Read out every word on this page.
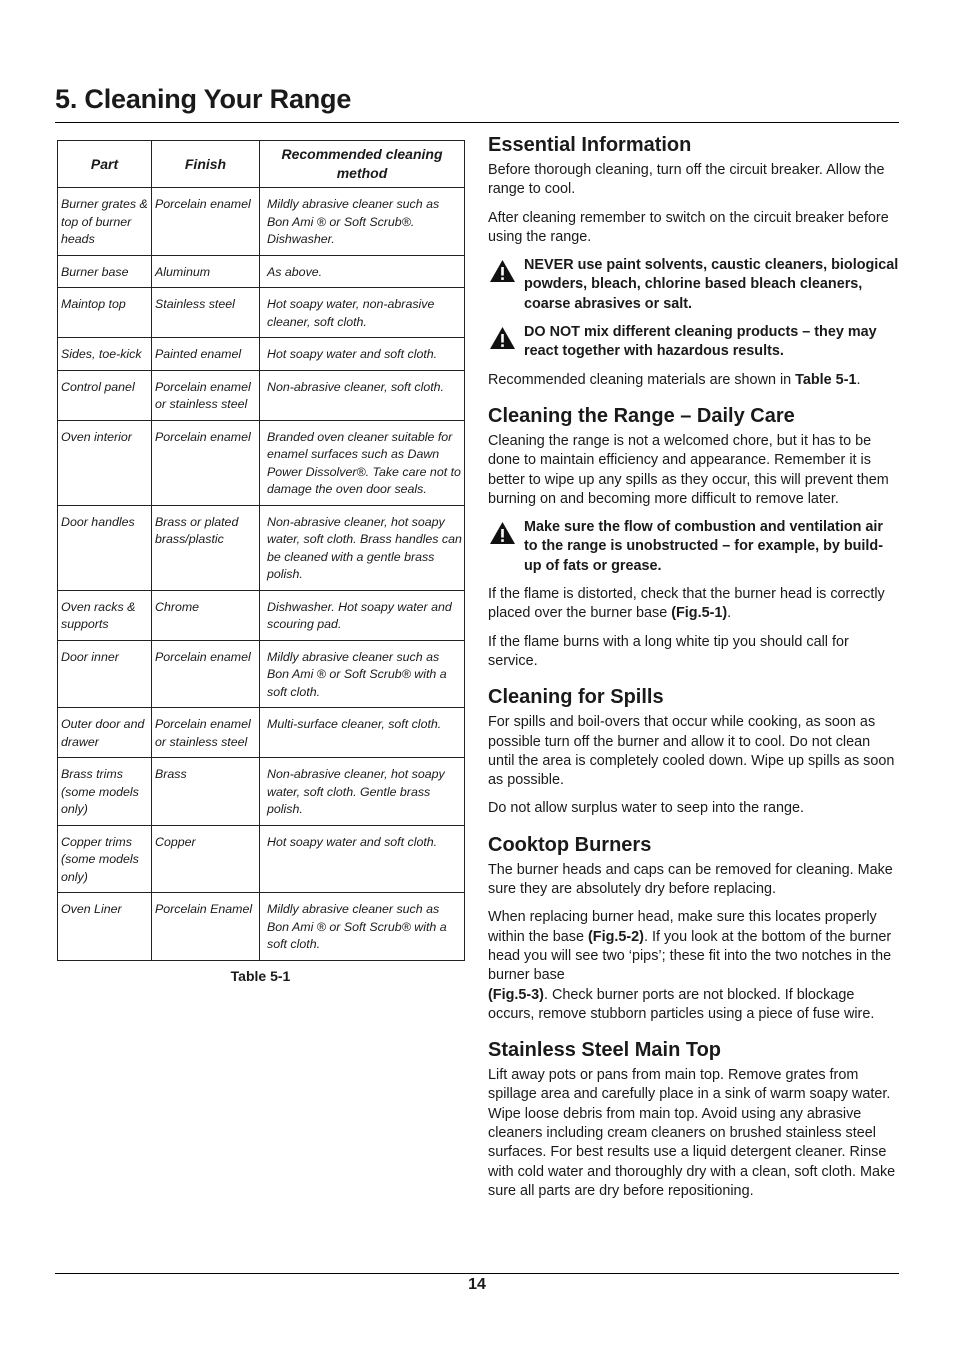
5. Cleaning Your Range
Part	Finish	Recommended cleaning method
Burner grates & top of burner heads	Porcelain enamel	Mildly abrasive cleaner such as Bon Ami ® or Soft Scrub®. Dishwasher.
Burner base	Aluminum	As above.
Maintop top	Stainless steel	Hot soapy water, non-abrasive cleaner, soft cloth.
Sides, toe-kick	Painted enamel	Hot soapy water and soft cloth.
Control panel	Porcelain enamel or stainless steel	Non-abrasive cleaner, soft cloth.
Oven interior	Porcelain enamel	Branded oven cleaner suitable for enamel surfaces such as Dawn Power Dissolver®. Take care not to damage the oven door seals.
Door handles	Brass or plated brass/plastic	Non-abrasive cleaner, hot soapy water, soft cloth. Brass handles can be cleaned with a gentle brass polish.
Oven racks & supports	Chrome	Dishwasher. Hot soapy water and scouring pad.
Door inner	Porcelain enamel	Mildly abrasive cleaner such as Bon Ami ® or Soft Scrub® with a soft cloth.
Outer door and drawer	Porcelain enamel or stainless steel	Multi-surface cleaner, soft cloth.
Brass trims (some models only)	Brass	Non-abrasive cleaner, hot soapy water, soft cloth. Gentle brass polish.
Copper trims (some models only)	Copper	Hot soapy water and soft cloth.
Oven Liner	Porcelain Enamel	Mildly abrasive cleaner such as Bon Ami ® or Soft Scrub® with a soft cloth.
Table 5-1
Essential Information

Before thorough cleaning, turn off the circuit breaker. Allow the range to cool.

After cleaning remember to switch on the circuit breaker before using the range.

NEVER use paint solvents, caustic cleaners, biological powders, bleach, chlorine based bleach cleaners, coarse abrasives or salt.
DO NOT mix different cleaning products – they may react together with hazardous results.

Recommended cleaning materials are shown in Table 5-1.

Cleaning the Range – Daily Care

Cleaning the range is not a welcomed chore, but it has to be done to maintain efficiency and appearance. Remember it is better to wipe up any spills as they occur, this will prevent them burning on and becoming more difficult to remove later.

Make sure the flow of combustion and ventilation air to the range is unobstructed – for example, by build-up of fats or grease.

If the flame is distorted, check that the burner head is correctly placed over the burner base (Fig.5-1).

If the flame burns with a long white tip you should call for service.

Cleaning for Spills

For spills and boil-overs that occur while cooking, as soon as possible turn off the burner and allow it to cool. Do not clean until the area is completely cooled down. Wipe up spills as soon as possible.

Do not allow surplus water to seep into the range.

Cooktop Burners

The burner heads and caps can be removed for cleaning. Make sure they are absolutely dry before replacing.

When replacing burner head, make sure this locates properly within the base (Fig.5-2). If you look at the bottom of the burner head you will see two ‘pips’; these fit into the two notches in the burner base
(Fig.5-3). Check burner ports are not blocked. If blockage occurs, remove stubborn particles using a piece of fuse wire.

Stainless Steel Main Top

Lift away pots or pans from main top. Remove grates from spillage area and carefully place in a sink of warm soapy water. Wipe loose debris from main top. Avoid using any abrasive cleaners including cream cleaners on brushed stainless steel surfaces. For best results use a liquid detergent cleaner. Rinse with cold water and thoroughly dry with a clean, soft cloth. Make sure all parts are dry before repositioning.

14
